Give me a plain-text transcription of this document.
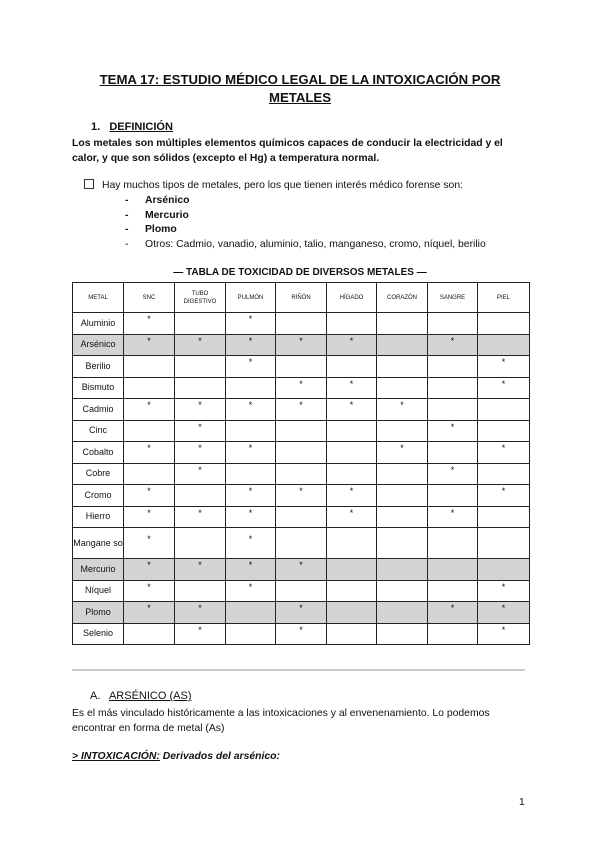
TEMA 17: ESTUDIO MÉDICO LEGAL DE LA INTOXICACIÓN POR METALES
1. DEFINICIÓN
Los metales son múltiples elementos químicos capaces de conducir la electricidad y el calor, y que son sólidos (excepto el Hg) a temperatura normal.
Hay muchos tipos de metales, pero los que tienen interés médico forense son:
- Arsénico
- Mercurio
- Plomo
- Otros: Cadmio, vanadio, aluminio, talio, manganeso, cromo, níquel, berilio
— TABLA DE TOXICIDAD DE DIVERSOS METALES —
METAL	SNC	TUBO DIGESTIVO	PULMÓN	RIÑÓN	HÍGADO	CORAZÓN	SANGRE	PIEL
Aluminio	*		*					
Arsénico	*	*	*	*	*		*	
Berilio			*					*
Bismuto				*	*			*
Cadmio	*	*	*	*	*	*		
Cinc		*					*	
Cobalto	*	*	*			*		*
Cobre		*					*	
Cromo	*		*	*	*			*
Hierro	*	*	*		*		*	
Mangane so	*		*					
Mercurio	*	*	*	*				
Níquel	*		*					*
Plomo	*	*		*			*	*
Selenio		*		*				*
A. ARSÉNICO (AS)
Es el más vinculado históricamente a las intoxicaciones y al envenenamiento. Lo podemos encontrar en forma de metal (As)
> INTOXICACIÓN: Derivados del arsénico:
1
